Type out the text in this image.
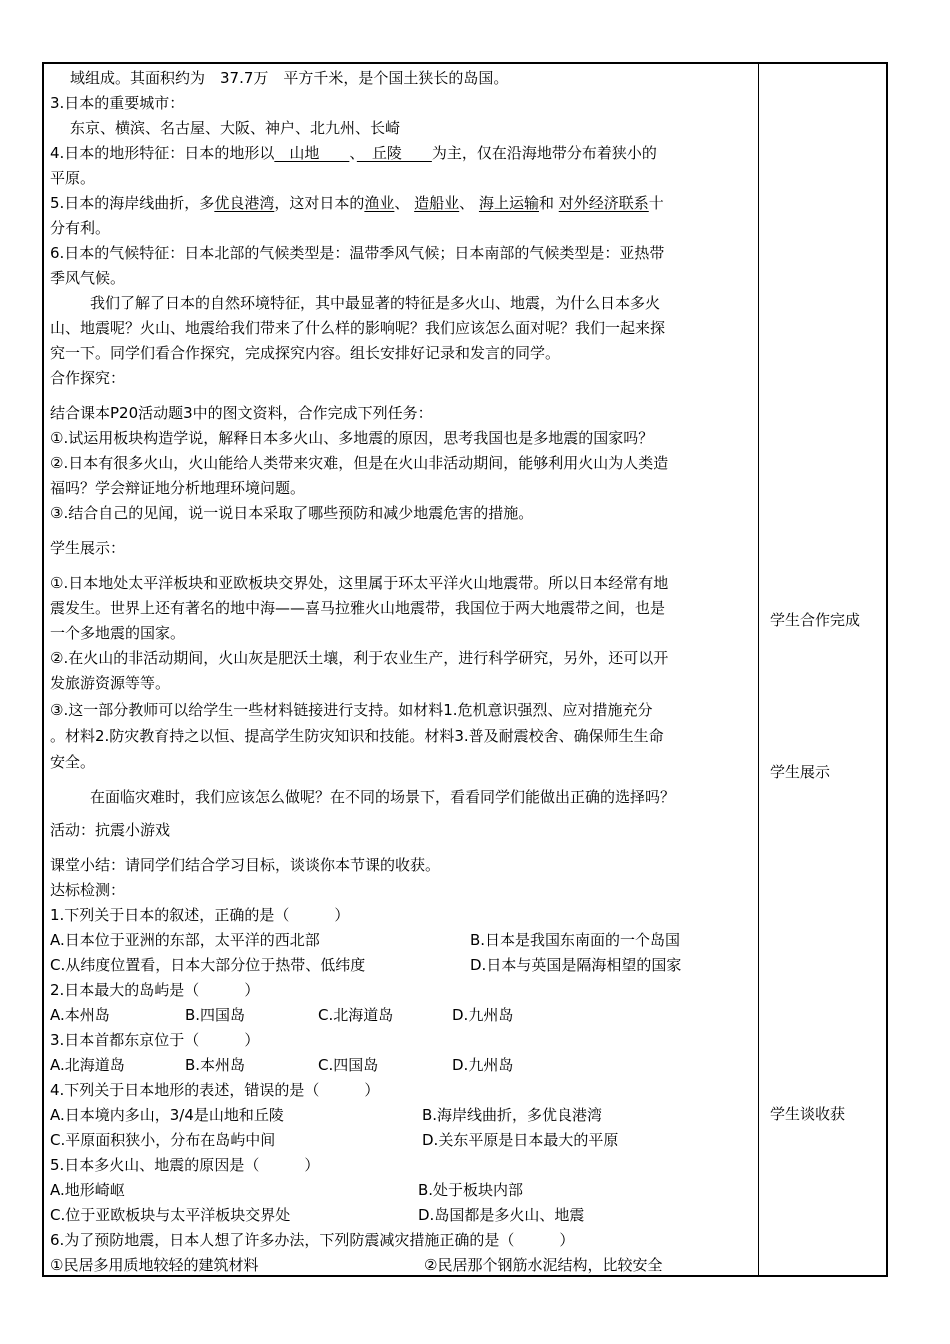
域组成。其面积约为　37.7万　平方千米，是个国土狭长的岛国。
3.日本的重要城市：
东京、横滨、名古屋、大阪、神户、北九州、长崎
4.日本的地形特征：日本的地形以　山地　　、　丘陵　　为主，仅在沿海地带分布着狭小的
平原。
5.日本的海岸线曲折，多优良港湾，这对日本的渔业、 造船业、 海上运输和 对外经济联系十
分有利。
6.日本的气候特征：日本北部的气候类型是：温带季风气候；日本南部的气候类型是：亚热带
季风气候。
我们了解了日本的自然环境特征，其中最显著的特征是多火山、地震，为什么日本多火
山、地震呢？火山、地震给我们带来了什么样的影响呢？我们应该怎么面对呢？我们一起来探
究一下。同学们看合作探究，完成探究内容。组长安排好记录和发言的同学。
合作探究：
结合课本P20活动题3中的图文资料，合作完成下列任务：
①.试运用板块构造学说，解释日本多火山、多地震的原因，思考我国也是多地震的国家吗？
②.日本有很多火山，火山能给人类带来灾难，但是在火山非活动期间，能够利用火山为人类造
福吗？学会辩证地分析地理环境问题。
③.结合自己的见闻，说一说日本采取了哪些预防和减少地震危害的措施。
学生展示：
①.日本地处太平洋板块和亚欧板块交界处，这里属于环太平洋火山地震带。所以日本经常有地
震发生。世界上还有著名的地中海——喜马拉雅火山地震带，我国位于两大地震带之间，也是
一个多地震的国家。
②.在火山的非活动期间，火山灰是肥沃土壤，利于农业生产，进行科学研究，另外，还可以开
发旅游资源等等。
③.这一部分教师可以给学生一些材料链接进行支持。如材料1.危机意识强烈、应对措施充分
。材料2.防灾教育持之以恒、提高学生防灾知识和技能。材料3.普及耐震校舍、确保师生生命
安全。
在面临灾难时，我们应该怎么做呢？在不同的场景下，看看同学们能做出正确的选择吗？
活动：抗震小游戏
课堂小结：请同学们结合学习目标，谈谈你本节课的收获。
达标检测：
1.下列关于日本的叙述，正确的是（　　　）
A.日本位于亚洲的东部，太平洋的西北部	B.日本是我国东南面的一个岛国
C.从纬度位置看，日本大部分位于热带、低纬度	D.日本与英国是隔海相望的国家
2.日本最大的岛屿是（　　　）
A.本州岛	B.四国岛	C.北海道岛	D.九州岛
3.日本首都东京位于（　　　）
A.北海道岛	B.本州岛	C.四国岛	D.九州岛
4.下列关于日本地形的表述，错误的是（　　　）
A.日本境内多山，3/4是山地和丘陵	B.海岸线曲折，多优良港湾
C.平原面积狭小，分布在岛屿中间	D.关东平原是日本最大的平原
5.日本多火山、地震的原因是（　　　）
A.地形崎岖	B.处于板块内部
C.位于亚欧板块与太平洋板块交界处	D.岛国都是多火山、地震
6.为了预防地震，日本人想了许多办法，下列防震减灾措施正确的是（　　　）
①民居多用质地较轻的建筑材料	②民居那个钢筋水泥结构，比较安全
学生合作完成
学生展示
学生谈收获
